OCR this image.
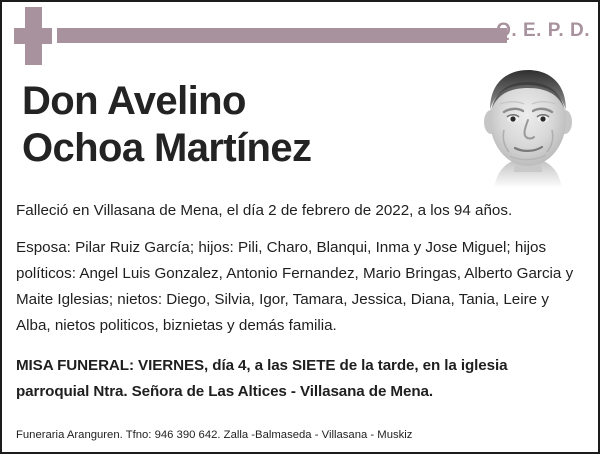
Q. E. P. D.
Don Avelino
Ochoa Martínez

Falleció en Villasana de Mena, el día 2 de febrero de 2022, a los 94 años.

Esposa: Pilar Ruiz García; hijos: Pili, Charo, Blanqui, Inma y Jose Miguel; hijos políticos: Angel Luis Gonzalez, Antonio Fernandez, Mario Bringas, Alberto Garcia y Maite Iglesias; nietos: Diego, Silvia, Igor, Tamara, Jessica, Diana, Tania, Leire y Alba, nietos politicos, biznietas y demás familia.

MISA FUNERAL: VIERNES, día 4, a las SIETE de la tarde, en la iglesia parroquial Ntra. Señora de Las Altices - Villasana de Mena.

Funeraria Aranguren. Tfno: 946 390 642. Zalla -Balmaseda - Villasana - Muskiz
